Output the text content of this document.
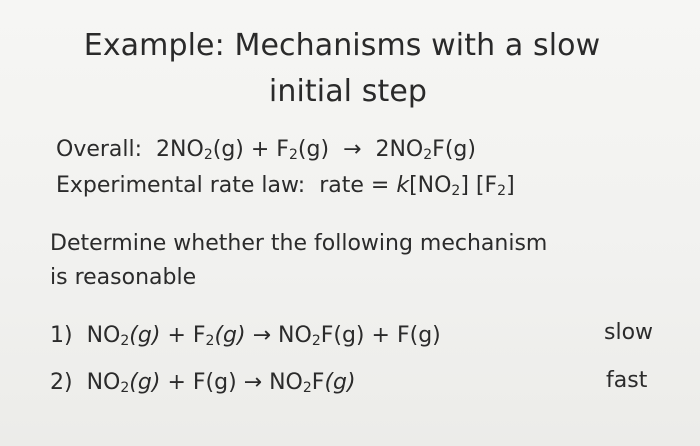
Example: Mechanisms with a slow
initial step
Overall: $2NO_2(g) + F_2(g) \to 2NO_2F(g)$
Experimental rate law: rate = $k[NO_2]$ $[F_2]$
Determine whether the following mechanism
is reasonable
1) $NO_2(g) + F_2(g) \to NO_2F(g) + F(g)$	slow
2) $NO_2(g) + F(g) \to NO_2F(g)$	fast
